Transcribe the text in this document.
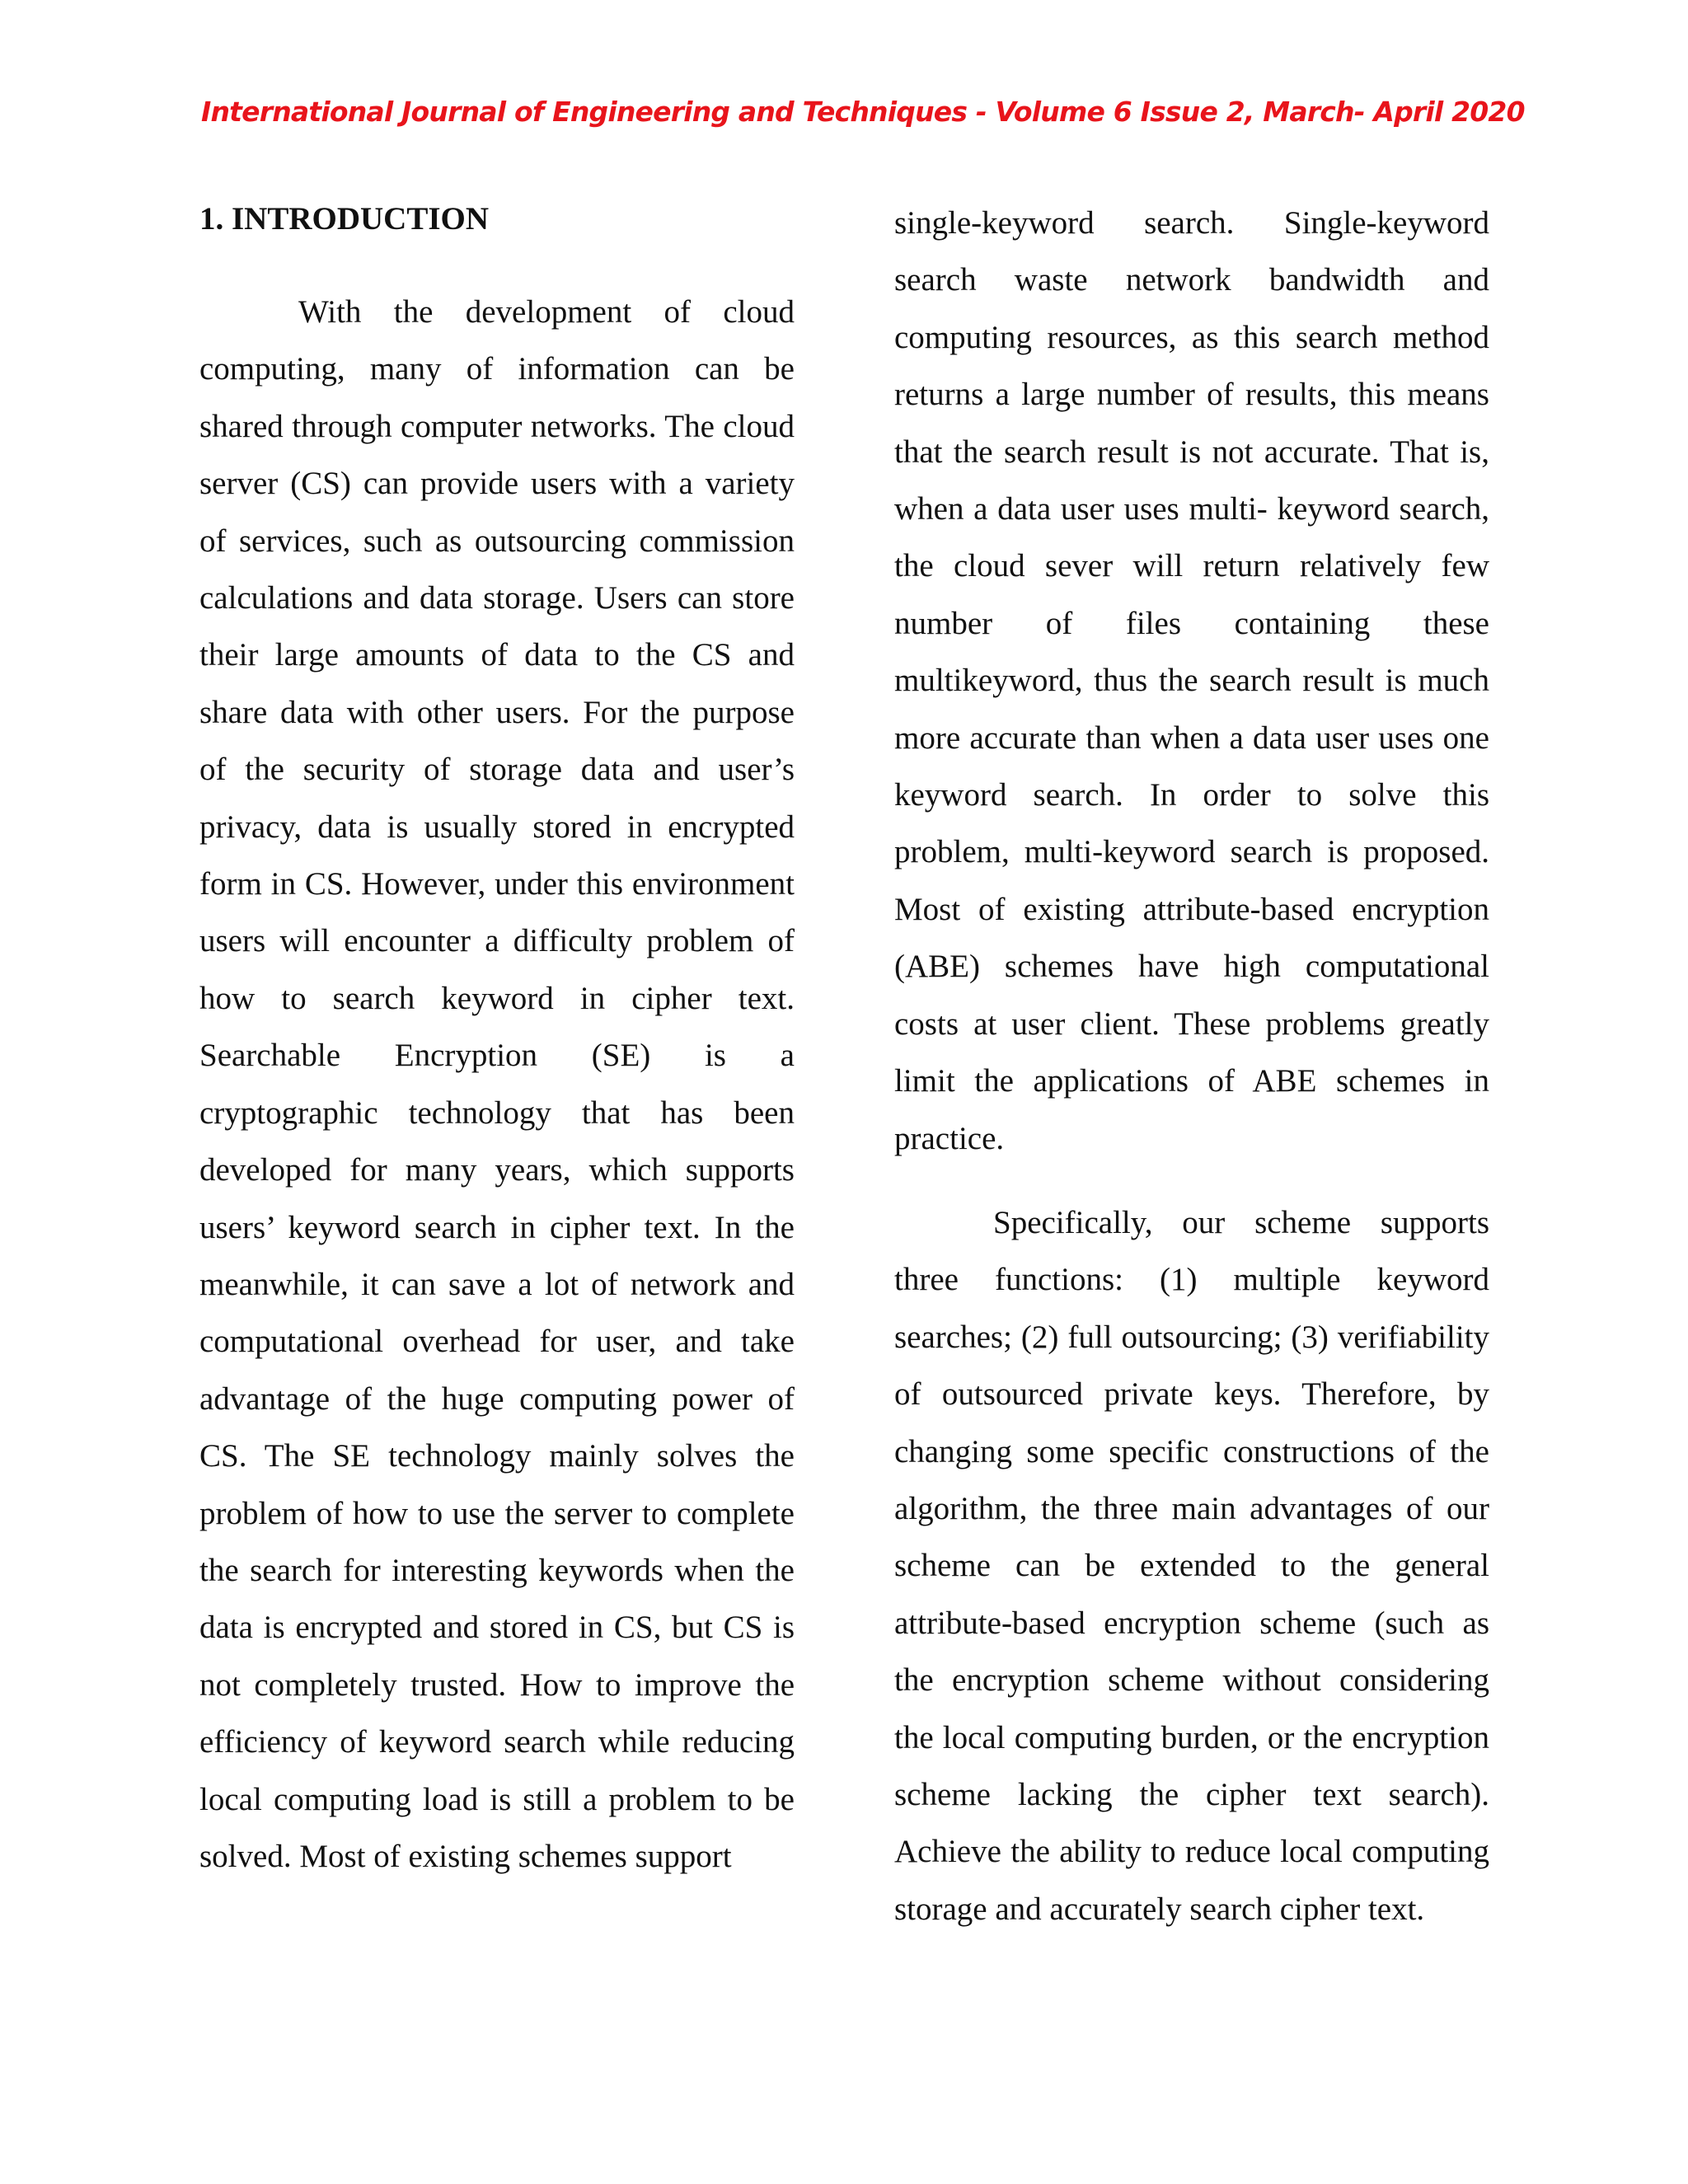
International Journal of Engineering and Techniques - Volume 6 Issue 2, March- April 2020
1. INTRODUCTION

With the development of cloud computing, many of information can be shared through computer networks. The cloud server (CS) can provide users with a variety of services, such as outsourcing commission calculations and data storage. Users can store their large amounts of data to the CS and share data with other users. For the purpose of the security of storage data and user’s privacy, data is usually stored in encrypted form in CS. However, under this environment users will encounter a difficulty problem of how to search keyword in cipher text. Searchable Encryption (SE) is a cryptographic technology that has been developed for many years, which supports users’ keyword search in cipher text. In the meanwhile, it can save a lot of network and computational overhead for user, and take advantage of the huge computing power of CS. The SE technology mainly solves the problem of how to use the server to complete the search for interesting keywords when the data is encrypted and stored in CS, but CS is not completely trusted. How to improve the efficiency of keyword search while reducing local computing load is still a problem to be solved. Most of existing schemes support

single-keyword search. Single-keyword search waste network bandwidth and computing resources, as this search method returns a large number of results, this means that the search result is not accurate. That is, when a data user uses multi- keyword search, the cloud sever will return relatively few number of files containing these multikeyword, thus the search result is much more accurate than when a data user uses one keyword search. In order to solve this problem, multi-keyword search is proposed. Most of existing attribute-based encryption (ABE) schemes have high computational costs at user client. These problems greatly limit the applications of ABE schemes in practice.

Specifically, our scheme supports three functions: (1) multiple keyword searches; (2) full outsourcing; (3) verifiability of outsourced private keys. Therefore, by changing some specific constructions of the algorithm, the three main advantages of our scheme can be extended to the general attribute-based encryption scheme (such as the encryption scheme without considering the local computing burden, or the encryption scheme lacking the cipher text search). Achieve the ability to reduce local computing storage and accurately search cipher text.
